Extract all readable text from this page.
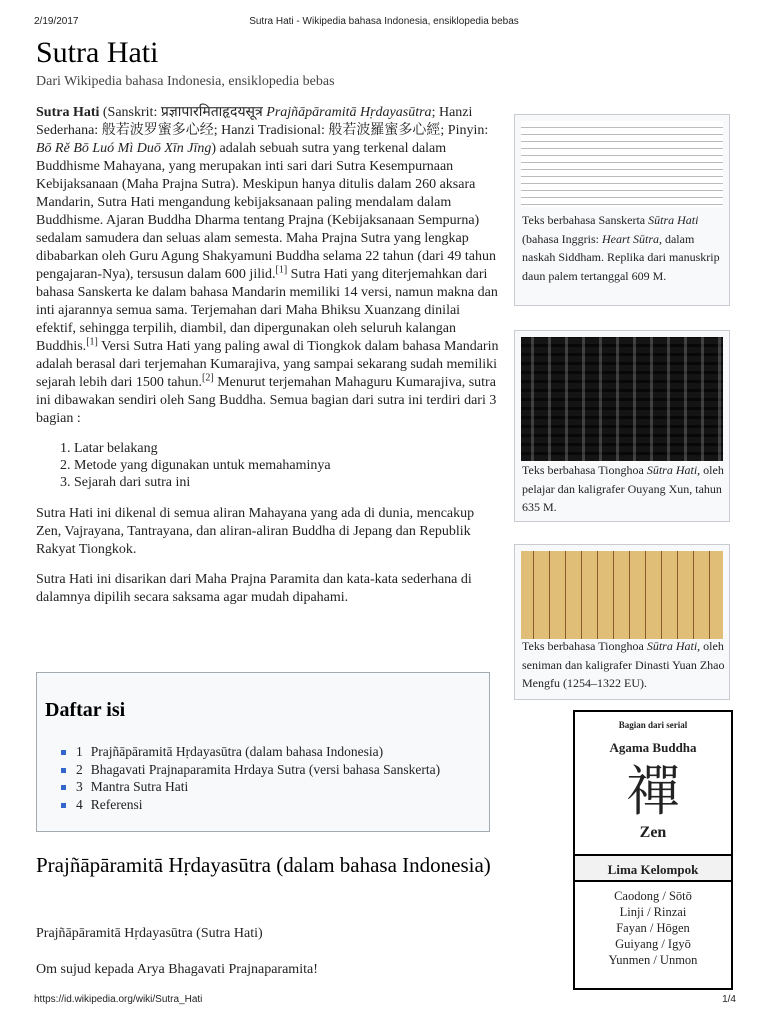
2/19/2017	Sutra Hati - Wikipedia bahasa Indonesia, ensiklopedia bebas
Sutra Hati
Dari Wikipedia bahasa Indonesia, ensiklopedia bebas

Sutra Hati (Sanskrit: प्रज्ञापारमिताहृदयसूत्र Prajñāpāramitā Hṛdayasūtra; Hanzi Sederhana: 般若波罗蜜多心经; Hanzi Tradisional: 般若波羅蜜多心經; Pinyin: Bō Rě Bō Luó Mì Duō Xīn Jīng) adalah sebuah sutra yang terkenal dalam Buddhisme Mahayana, yang merupakan inti sari dari Sutra Kesempurnaan Kebijaksanaan (Maha Prajna Sutra). Meskipun hanya ditulis dalam 260 aksara Mandarin, Sutra Hati mengandung kebijaksanaan paling mendalam dalam Buddhisme. Ajaran Buddha Dharma tentang Prajna (Kebijaksanaan Sempurna) sedalam samudera dan seluas alam semesta. Maha Prajna Sutra yang lengkap dibabarkan oleh Guru Agung Shakyamuni Buddha selama 22 tahun (dari 49 tahun pengajaran-Nya), tersusun dalam 600 jilid.[1] Sutra Hati yang diterjemahkan dari bahasa Sanskerta ke dalam bahasa Mandarin memiliki 14 versi, namun makna dan inti ajarannya semua sama. Terjemahan dari Maha Bhiksu Xuanzang dinilai efektif, sehingga terpilih, diambil, dan dipergunakan oleh seluruh kalangan Buddhis.[1] Versi Sutra Hati yang paling awal di Tiongkok dalam bahasa Mandarin adalah berasal dari terjemahan Kumarajiva, yang sampai sekarang sudah memiliki sejarah lebih dari 1500 tahun.[2] Menurut terjemahan Mahaguru Kumarajiva, sutra ini dibawakan sendiri oleh Sang Buddha. Semua bagian dari sutra ini terdiri dari 3 bagian :

1. Latar belakang
2. Metode yang digunakan untuk memahaminya
3. Sejarah dari sutra ini

Sutra Hati ini dikenal di semua aliran Mahayana yang ada di dunia, mencakup Zen, Vajrayana, Tantrayana, dan aliran-aliran Buddha di Jepang dan Republik Rakyat Tiongkok.

Sutra Hati ini disarikan dari Maha Prajna Paramita dan kata-kata sederhana di dalamnya dipilih secara saksama agar mudah dipahami.

Daftar isi
1 Prajñāpāramitā Hṛdayasūtra (dalam bahasa Indonesia)
2 Bhagavati Prajnaparamita Hrdaya Sutra (versi bahasa Sanskerta)
3 Mantra Sutra Hati
4 Referensi
Prajñāpāramitā Hṛdayasūtra (dalam bahasa Indonesia)
Prajñāpāramitā Hṛdayasūtra (Sutra Hati)
Om sujud kepada Arya Bhagavati Prajnaparamita!
Teks berbahasa Sanskerta Sūtra Hati (bahasa Inggris: Heart Sūtra, dalam naskah Siddham. Replika dari manuskrip daun palem tertanggal 609 M.
Teks berbahasa Tionghoa Sūtra Hati, oleh pelajar dan kaligrafer Ouyang Xun, tahun 635 M.
Teks berbahasa Tionghoa Sūtra Hati, oleh seniman dan kaligrafer Dinasti Yuan Zhao Mengfu (1254–1322 EU).
Bagian dari serial
Agama Buddha
禪
Zen
Lima Kelompok
Caodong / Sōtō
Linji / Rinzai
Fayan / Hōgen
Guiyang / Igyō
Yunmen / Unmon
https://id.wikipedia.org/wiki/Sutra_Hati	1/4
